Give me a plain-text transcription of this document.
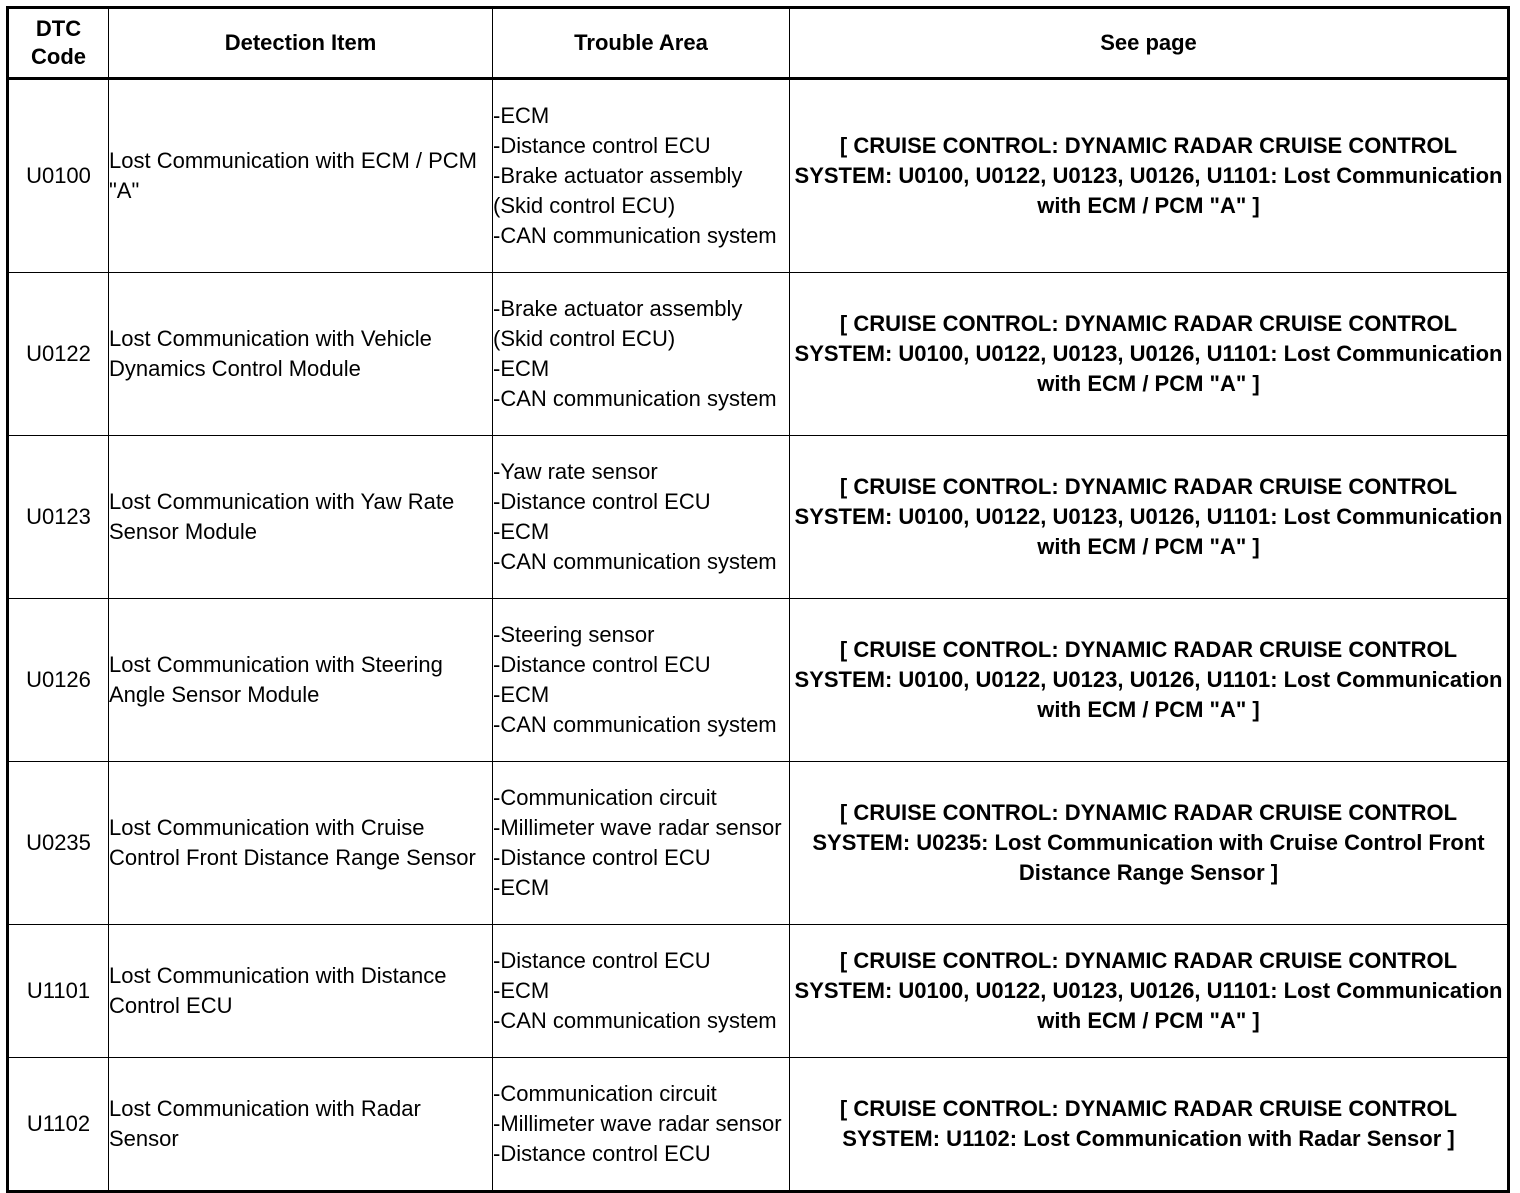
DTC
Code	Detection Item	Trouble Area	See page
U0100	Lost Communication with ECM / PCM "A"	-ECM
-Distance control ECU
-Brake actuator assembly (Skid control ECU)
-CAN communication system	[ CRUISE CONTROL: DYNAMIC RADAR CRUISE CONTROL SYSTEM: U0100, U0122, U0123, U0126, U1101: Lost Communication with ECM / PCM "A" ]
U0122	Lost Communication with Vehicle Dynamics Control Module	-Brake actuator assembly (Skid control ECU)
-ECM
-CAN communication system	[ CRUISE CONTROL: DYNAMIC RADAR CRUISE CONTROL SYSTEM: U0100, U0122, U0123, U0126, U1101: Lost Communication with ECM / PCM "A" ]
U0123	Lost Communication with Yaw Rate Sensor Module	-Yaw rate sensor
-Distance control ECU
-ECM
-CAN communication system	[ CRUISE CONTROL: DYNAMIC RADAR CRUISE CONTROL SYSTEM: U0100, U0122, U0123, U0126, U1101: Lost Communication with ECM / PCM "A" ]
U0126	Lost Communication with Steering Angle Sensor Module	-Steering sensor
-Distance control ECU
-ECM
-CAN communication system	[ CRUISE CONTROL: DYNAMIC RADAR CRUISE CONTROL SYSTEM: U0100, U0122, U0123, U0126, U1101: Lost Communication with ECM / PCM "A" ]
U0235	Lost Communication with Cruise Control Front Distance Range Sensor	-Communication circuit
-Millimeter wave radar sensor
-Distance control ECU
-ECM	[ CRUISE CONTROL: DYNAMIC RADAR CRUISE CONTROL SYSTEM: U0235: Lost Communication with Cruise Control Front Distance Range Sensor ]
U1101	Lost Communication with Distance Control ECU	-Distance control ECU
-ECM
-CAN communication system	[ CRUISE CONTROL: DYNAMIC RADAR CRUISE CONTROL SYSTEM: U0100, U0122, U0123, U0126, U1101: Lost Communication with ECM / PCM "A" ]
U1102	Lost Communication with Radar Sensor	-Communication circuit
-Millimeter wave radar sensor
-Distance control ECU	[ CRUISE CONTROL: DYNAMIC RADAR CRUISE CONTROL SYSTEM: U1102: Lost Communication with Radar Sensor ]
